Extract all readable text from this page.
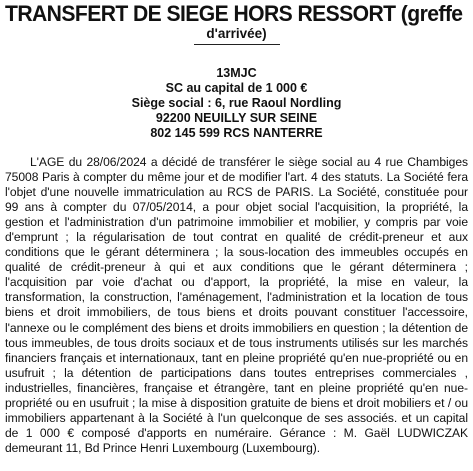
TRANSFERT DE SIEGE HORS RESSORT (greffe
d'arrivée)
13MJC
SC au capital de 1 000 €
Siège social : 6, rue Raoul Nordling
92200 NEUILLY SUR SEINE
802 145 599 RCS NANTERRE

L'AGE du 28/06/2024 a décidé de transférer le siège social au 4 rue Chambiges 75008 Paris à compter du même jour et de modifier l'art. 4 des statuts. La Société fera l'objet d'une nouvelle immatriculation au RCS de PARIS. La Société, constituée pour 99 ans à compter du 07/05/2014, a pour objet social l'acquisition, la propriété, la gestion et l'administration d'un patrimoine immobilier et mobilier, y compris par voie d'emprunt ; la régularisation de tout contrat en qualité de crédit-preneur et aux conditions que le gérant déterminera ; la sous-location des immeubles occupés en qualité de crédit-preneur à qui et aux conditions que le gérant déterminera ; l'acquisition par voie d'achat ou d'apport, la propriété, la mise en valeur, la transformation, la construction, l'aménagement, l'administration et la location de tous biens et droit immobiliers, de tous biens et droits pouvant constituer l'accessoire, l'annexe ou le complément des biens et droits immobiliers en question ; la détention de tous immeubles, de tous droits sociaux et de tous instruments utilisés sur les marchés financiers français et internationaux, tant en pleine propriété qu'en nue-propriété ou en usufruit ; la détention de participations dans toutes entreprises commerciales , industrielles, financières, française et étrangère, tant en pleine propriété qu'en nue-propriété ou en usufruit ; la mise à disposition gratuite de biens et droit mobiliers et / ou immobiliers appartenant à la Société à l'un quelconque de ses associés. et un capital de 1 000 € composé d'apports en numéraire. Gérance : M. Gaël LUDWICZAK demeurant 11, Bd Prince Henri Luxembourg (Luxembourg).
